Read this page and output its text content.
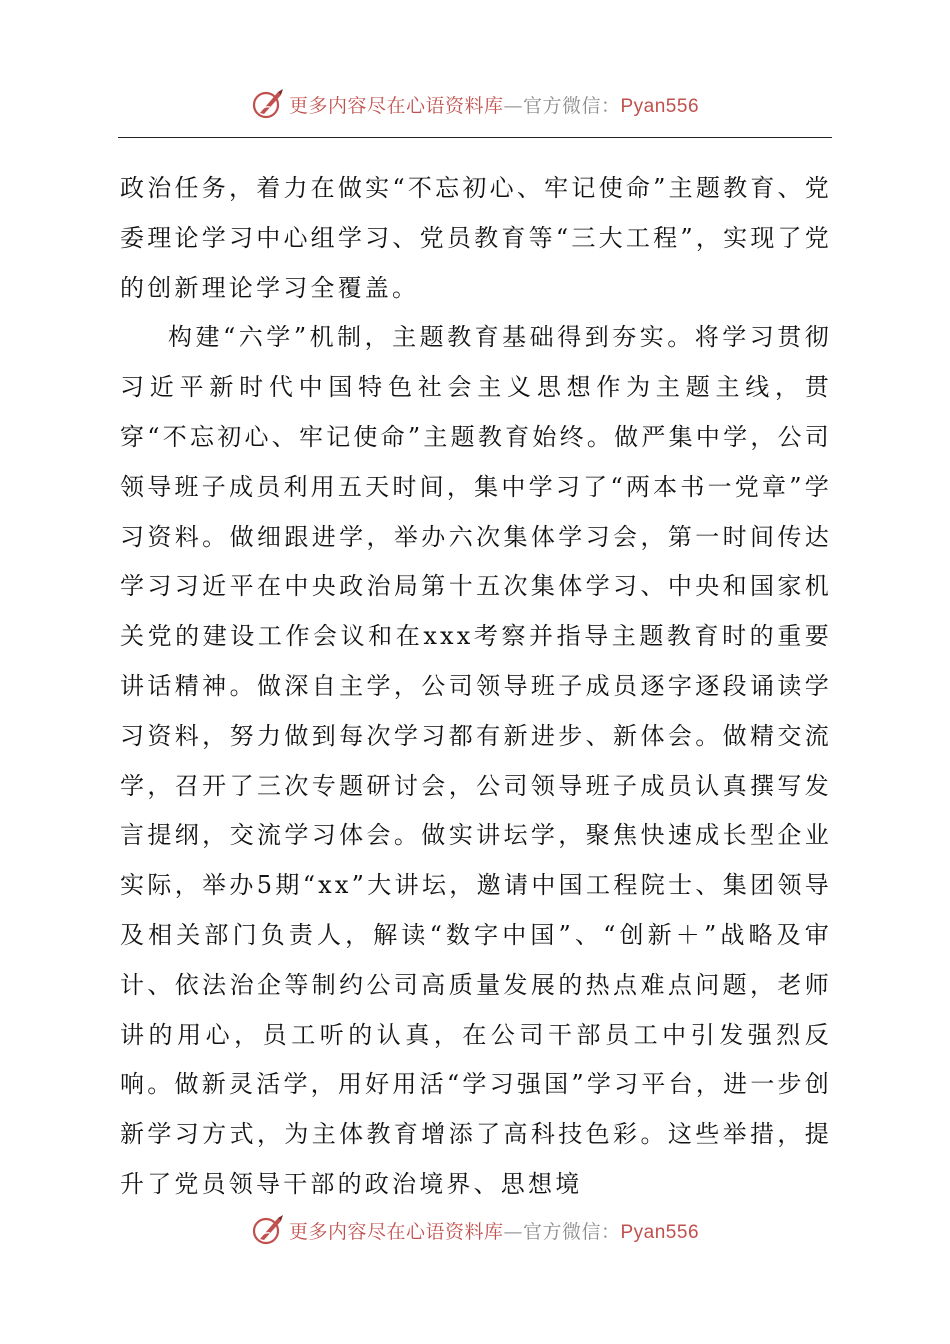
更多内容尽在心语资料库—官方微信：Pyan556

政治任务，着力在做实“不忘初心、牢记使命”主题教育、党委理论学习中心组学习、党员教育等“三大工程”，实现了党的创新理论学习全覆盖。

构建“六学”机制，主题教育基础得到夯实。将学习贯彻习近平新时代中国特色社会主义思想作为主题主线，贯穿“不忘初心、牢记使命”主题教育始终。做严集中学，公司领导班子成员利用五天时间，集中学习了“两本书一党章”学习资料。做细跟进学，举办六次集体学习会，第一时间传达学习习近平在中央政治局第十五次集体学习、中央和国家机关党的建设工作会议和在xxx考察并指导主题教育时的重要讲话精神。做深自主学，公司领导班子成员逐字逐段诵读学习资料，努力做到每次学习都有新进步、新体会。做精交流学，召开了三次专题研讨会，公司领导班子成员认真撰写发言提纲，交流学习体会。做实讲坛学，聚焦快速成长型企业实际，举办5期“xx”大讲坛，邀请中国工程院士、集团领导及相关部门负责人，解读“数字中国”、“创新＋”战略及审计、依法治企等制约公司高质量发展的热点难点问题，老师讲的用心，员工听的认真，在公司干部员工中引发强烈反响。做新灵活学，用好用活“学习强国”学习平台，进一步创新学习方式，为主体教育增添了高科技色彩。这些举措，提升了党员领导干部的政治境界、思想境

更多内容尽在心语资料库—官方微信：Pyan556
